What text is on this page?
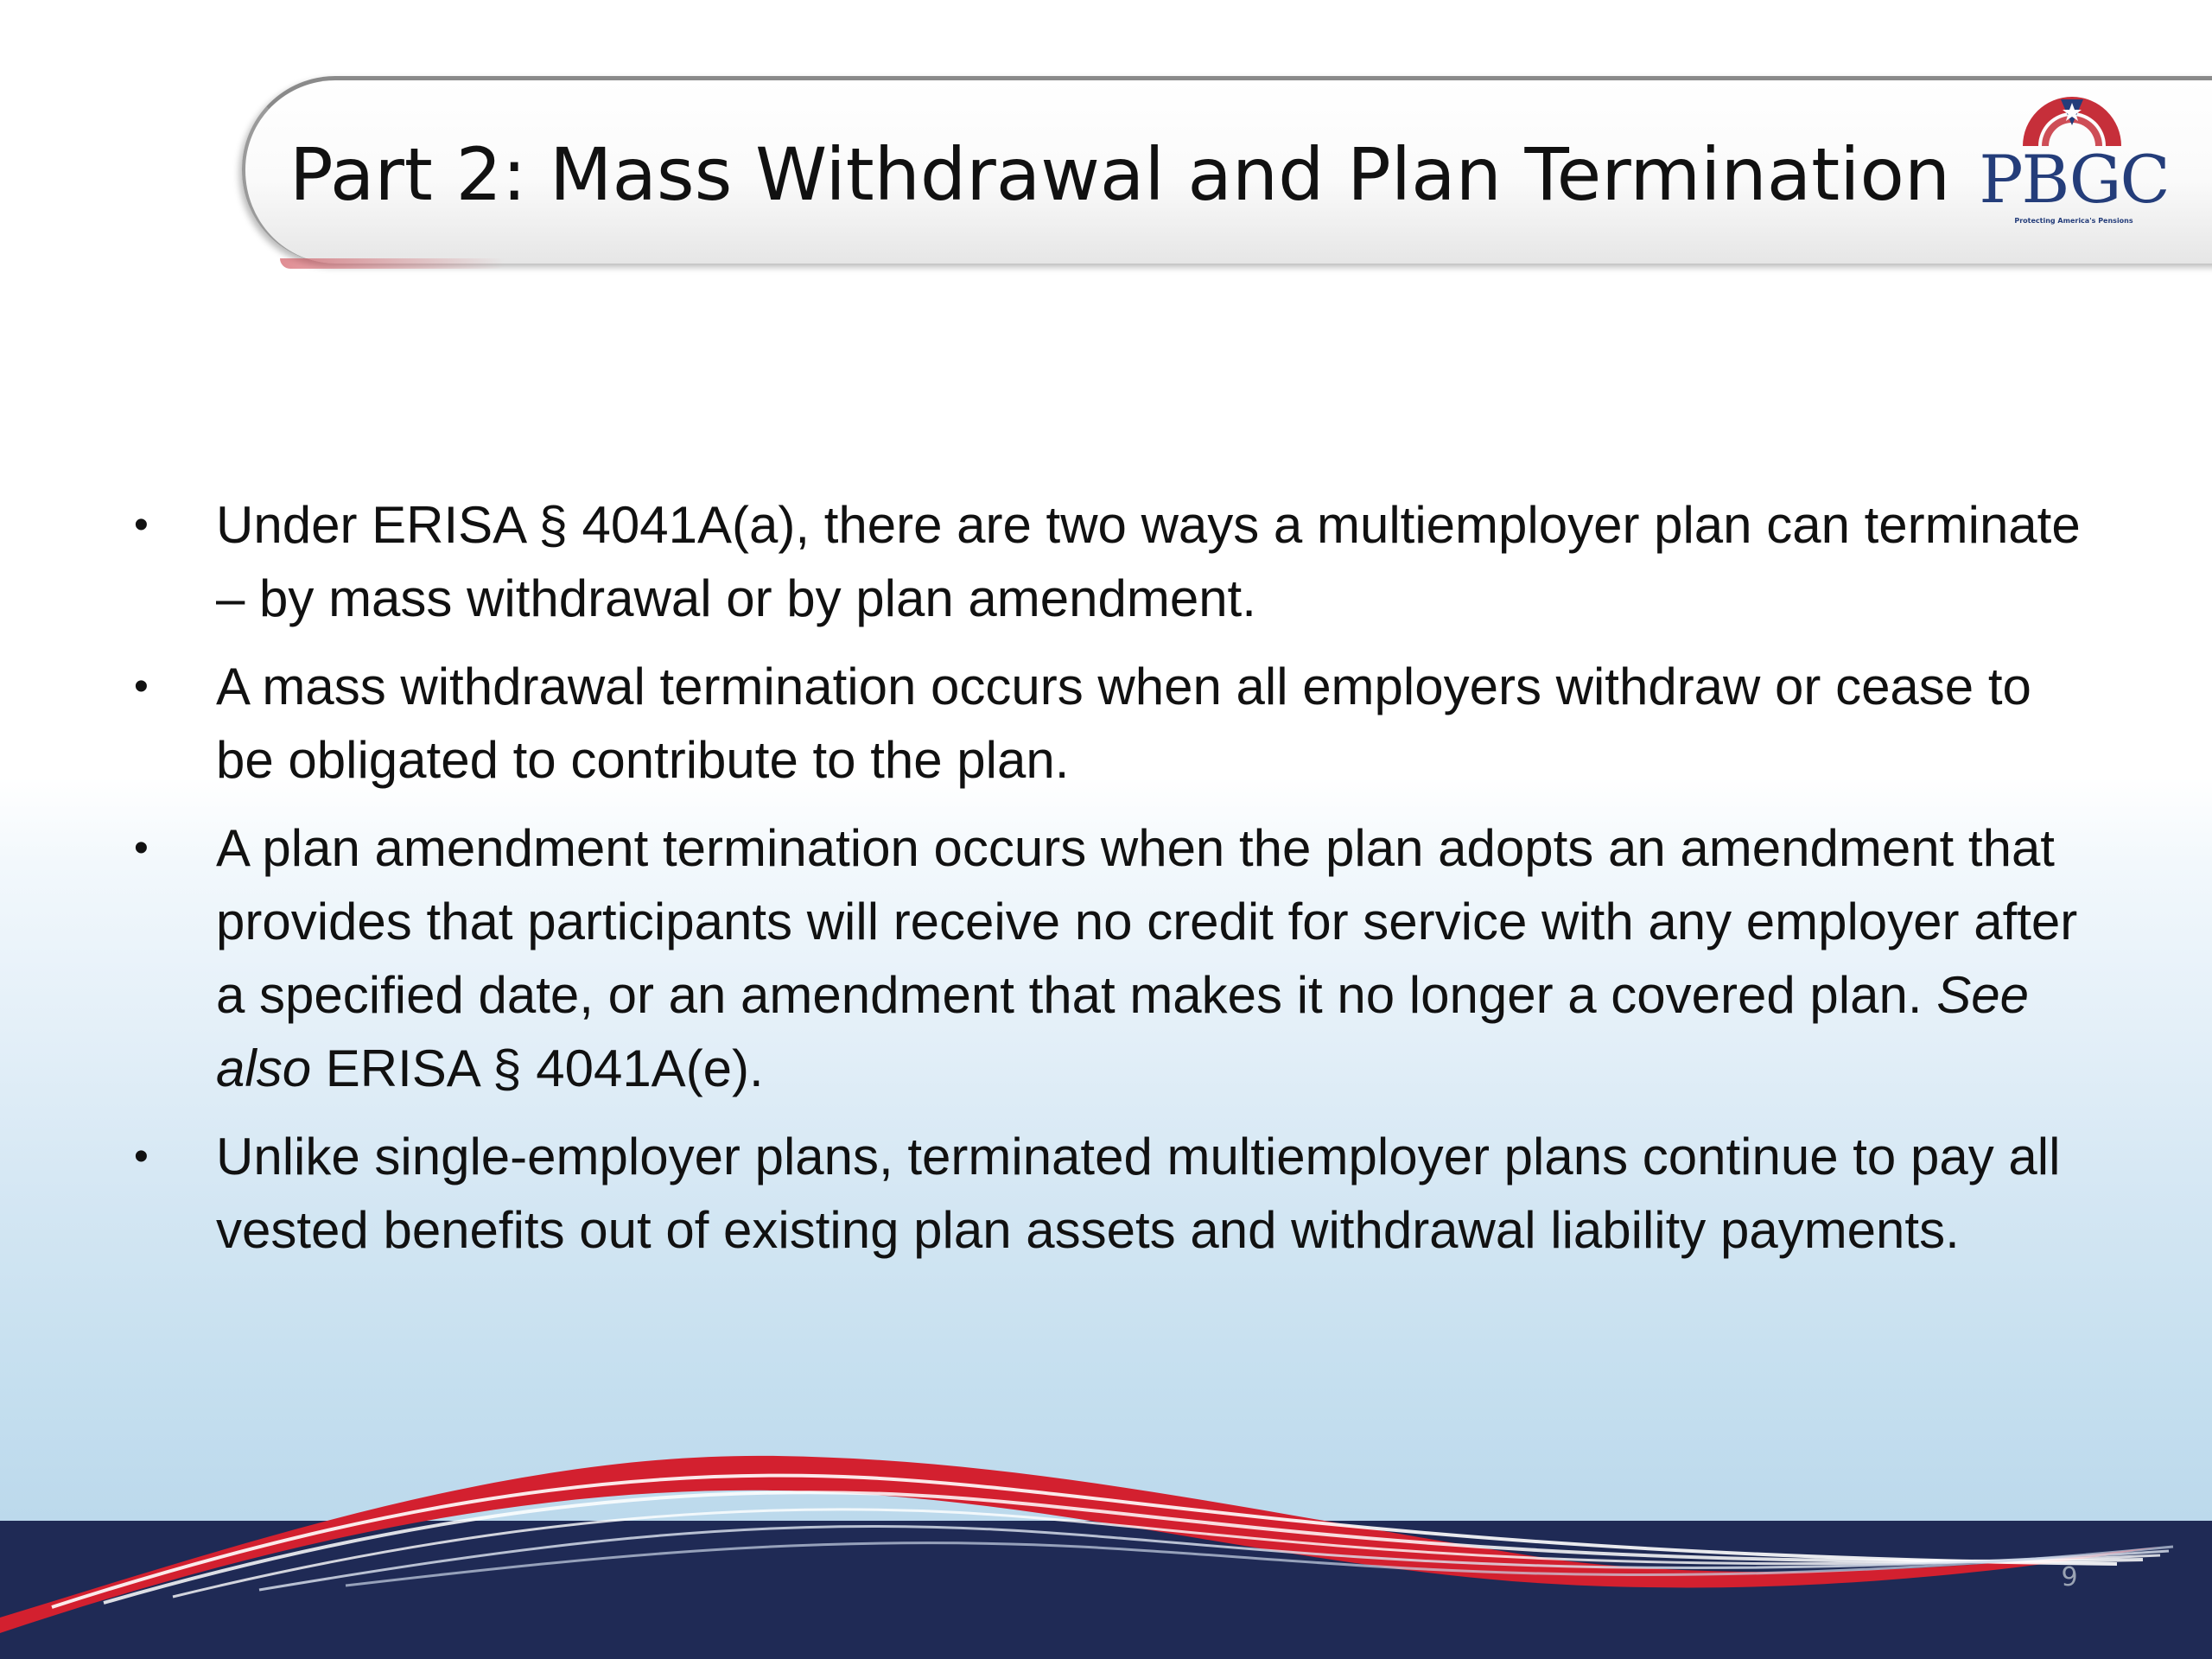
Part 2: Mass Withdrawal and Plan Termination PBGC
Protecting America's Pensions
• Under ERISA § 4041A(a), there are two ways a multiemployer plan can terminate – by mass withdrawal or by plan amendment.
• A mass withdrawal termination occurs when all employers withdraw or cease to be obligated to contribute to the plan.
• A plan amendment termination occurs when the plan adopts an amendment that provides that participants will receive no credit for service with any employer after a specified date, or an amendment that makes it no longer a covered plan. See also ERISA § 4041A(e).
• Unlike single-employer plans, terminated multiemployer plans continue to pay all vested benefits out of existing plan assets and withdrawal liability payments.
9
